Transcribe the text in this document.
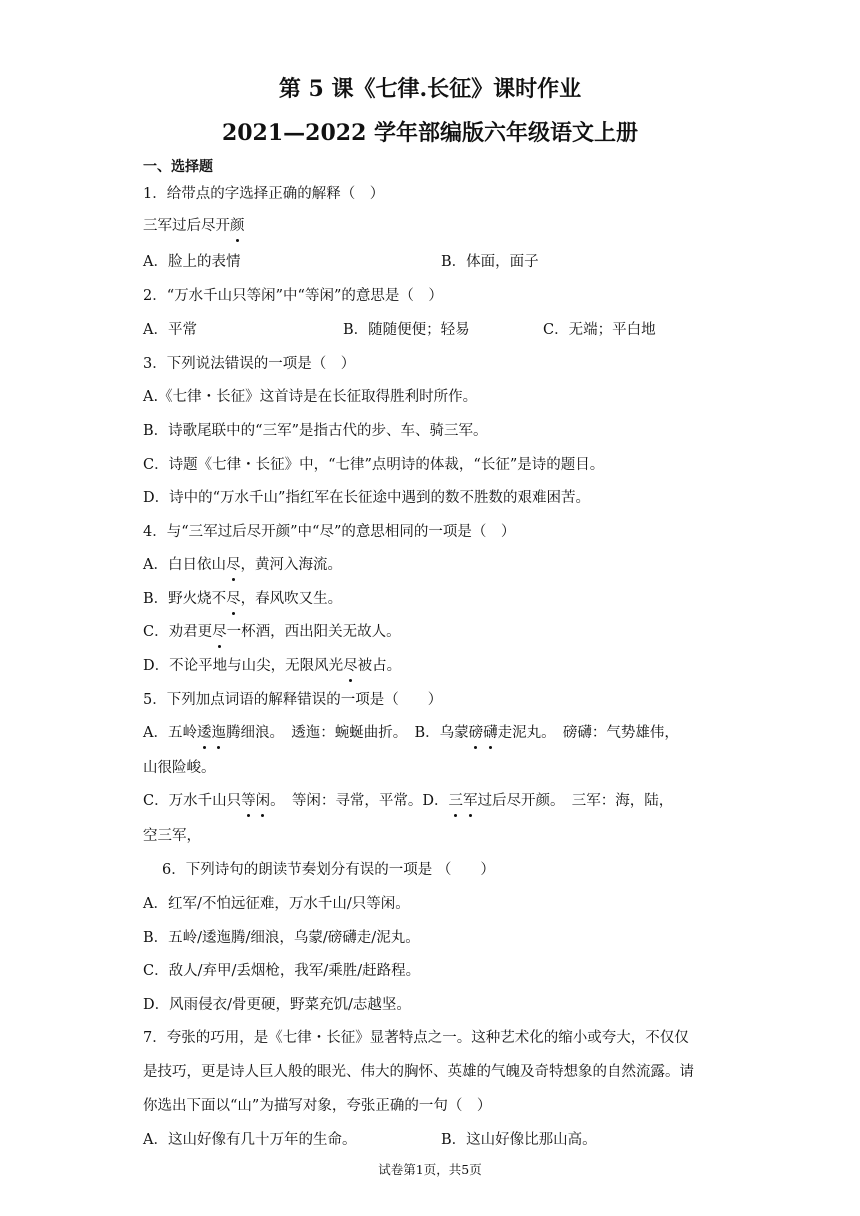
第 5 课《七律.长征》课时作业
2021—2022 学年部编版六年级语文上册
一、选择题
1．给带点的字选择正确的解释（　）
三军过后尽开颜
A．脸上的表情	B．体面，面子
2．“万水千山只等闲”中“等闲”的意思是（　）
A．平常	B．随随便便；轻易	C．无端；平白地
3．下列说法错误的一项是（　）
A.《七律・长征》这首诗是在长征取得胜利时所作。
B．诗歌尾联中的“三军”是指古代的步、车、骑三军。
C．诗题《七律・长征》中，“七律”点明诗的体裁，“长征”是诗的题目。
D．诗中的“万水千山”指红军在长征途中遇到的数不胜数的艰难困苦。
4．与“三军过后尽开颜”中“尽”的意思相同的一项是（　）
A．白日依山尽，黄河入海流。
B．野火烧不尽，春风吹又生。
C．劝君更尽一杯酒，西出阳关无故人。
D．不论平地与山尖，无限风光尽被占。
5．下列加点词语的解释错误的一项是（　　）
A．五岭逶迤腾细浪。　透迤：蜿蜒曲折。　B．乌蒙磅礴走泥丸。　磅礴：气势雄伟，
山很险峻。
C．万水千山只等闲。　等闲：寻常，平常。D．三军过后尽开颜。　三军：海，陆，
空三军，
6．下列诗句的朗读节奏划分有误的一项是 （　　）
A．红军/不怕远征难，万水千山/只等闲。
B．五岭/逶迤腾/细浪，乌蒙/磅礴走/泥丸。
C．敌人/弃甲/丢烟枪，我军/乘胜/赶路程。
D．风雨侵衣/骨更硬，野菜充饥/志越坚。
7．夸张的巧用，是《七律・长征》显著特点之一。这种艺术化的缩小或夸大，不仅仅
是技巧，更是诗人巨人般的眼光、伟大的胸怀、英雄的气魄及奇特想象的自然流露。请
你选出下面以“山”为描写对象，夸张正确的一句（　）
A．这山好像有几十万年的生命。	B．这山好像比那山高。
试卷第1页，共5页
